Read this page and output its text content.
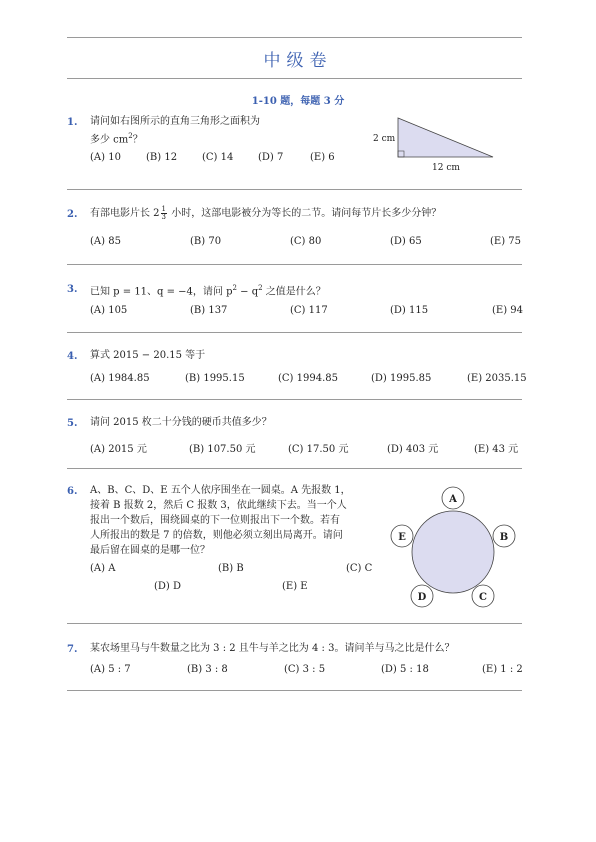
中级卷
1-10 题，每题 3 分
1. 请问如右图所示的直角三角形之面积为
多少 $cm^2$？
(A) 10	(B) 12 (C) 14 (D) 7	(E) 6
2 cm
12 cm
2. 有部电影片长 $2 \frac{1}{3}$ 小时，这部电影被分为等长的二节。请问每节片长多少分钟？
(A) 85	(B) 70	(C) 80	(D) 65	(E) 75
3. 已知 p = 11、q = −4，请问 $p^2 - q^2$ 之值是什么？
(A) 105	(B) 137	(C) 117	(D) 115	(E) 94
4. 算式 2015 − 20.15 等于
(A) 1984.85	(B) 1995.15	(C) 1994.85	(D) 1995.85	(E) 2035.15
5. 请问 2015 枚二十分钱的硬币共值多少？
(A) 2015 元	(B) 107.50 元	(C) 17.50 元	(D) 403 元	(E) 43 元
6. A、B、C、D、E 五个人依序围坐在一圆桌。A 先报数 1，
接着 B 报数 2，然后 C 报数 3，依此继续下去。当一个人
报出一个数后，围绕圆桌的下一位则报出下一个数。若有
人所报出的数是 7 的倍数，则他必须立刻出局离开。请问
最后留在圆桌的是哪一位？
(A) A	(B) B	(C) C
(D) D	(E) E
A
B
C
D
E
7. 某农场里马与牛数量之比为 3 : 2 且牛与羊之比为 4 : 3。请问羊与马之比是什么？
(A) 5 : 7	(B) 3 : 8	(C) 3 : 5	(D) 5 : 18	(E) 1 : 2
